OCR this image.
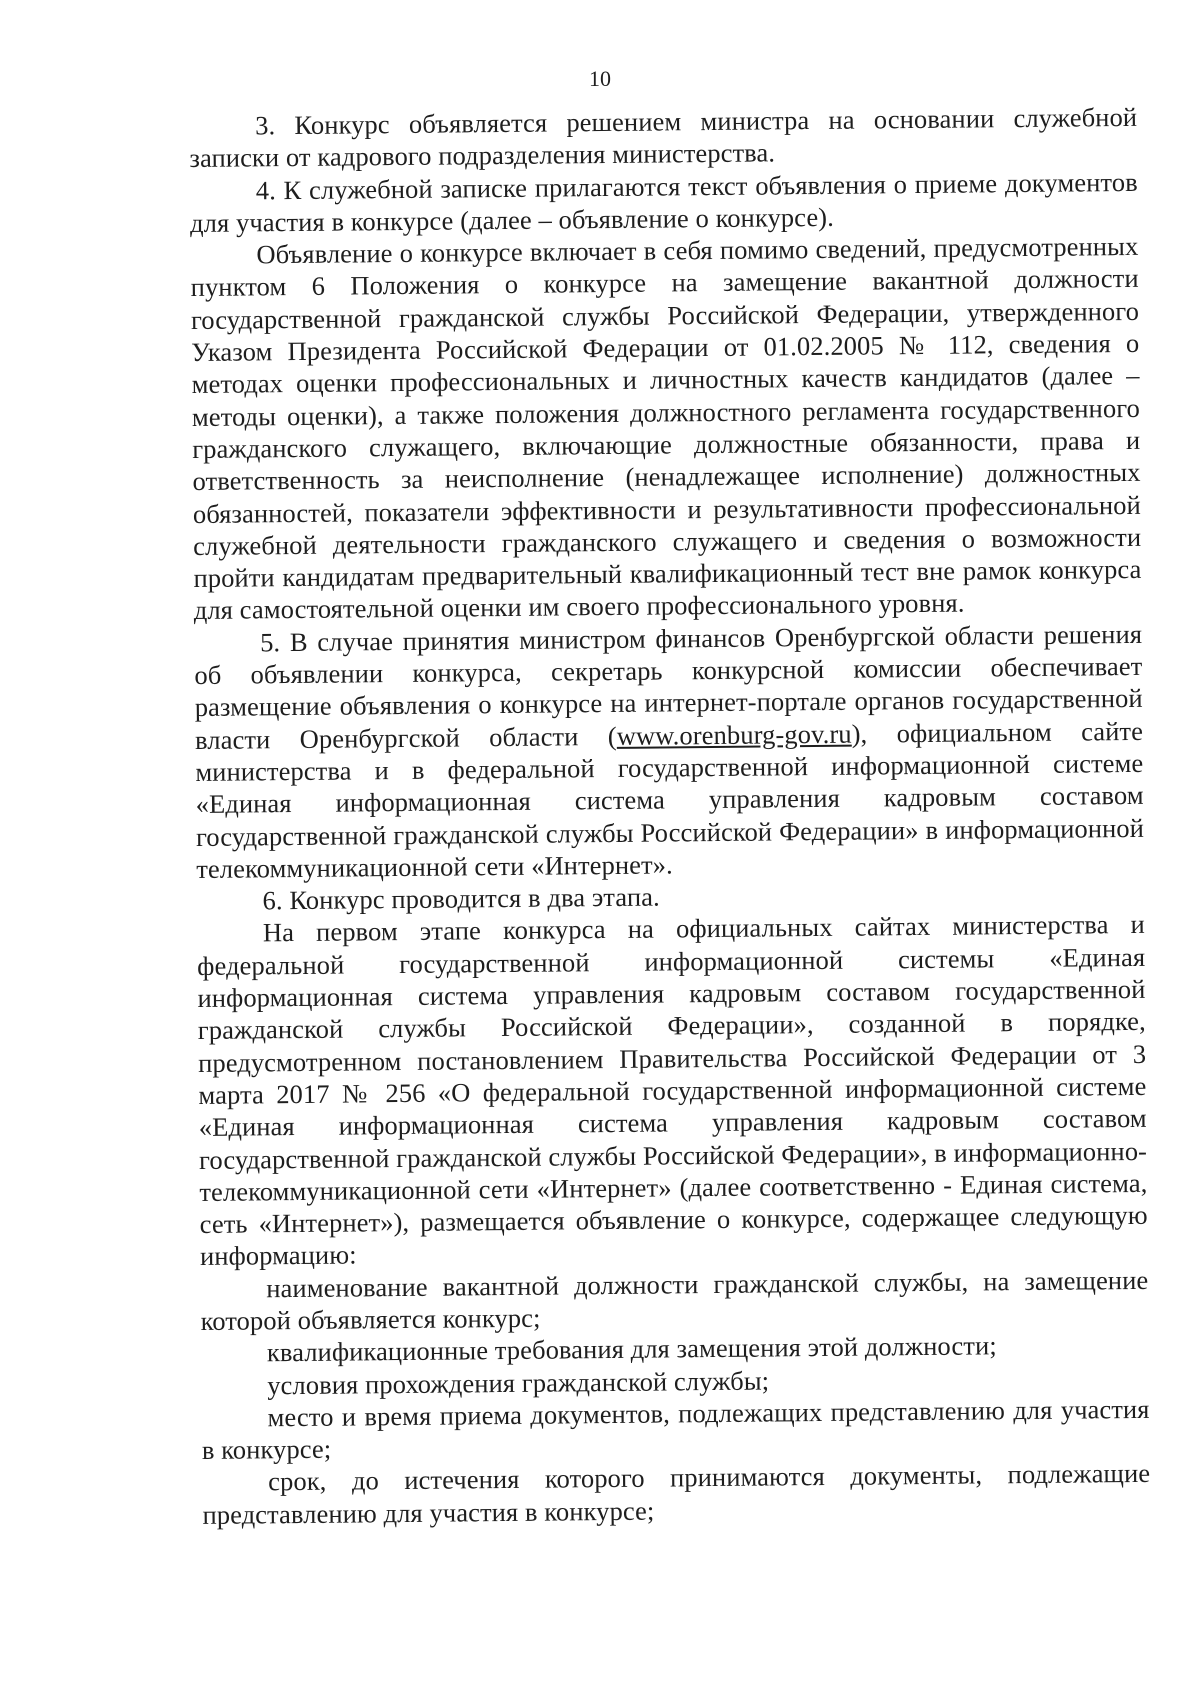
10

3. Конкурс объявляется решением министра на основании служебной записки от кадрового подразделения министерства.

4. К служебной записке прилагаются текст объявления о приеме документов для участия в конкурсе (далее – объявление о конкурсе).

Объявление о конкурсе включает в себя помимо сведений, предусмотренных пунктом 6 Положения о конкурсе на замещение вакантной должности государственной гражданской службы Российской Федерации, утвержденного Указом Президента Российской Федерации от 01.02.2005 № 112, сведения о методах оценки профессиональных и личностных качеств кандидатов (далее – методы оценки), а также положения должностного регламента государственного гражданского служащего, включающие должностные обязанности, права и ответственность за неисполнение (ненадлежащее исполнение) должностных обязанностей, показатели эффективности и результативности профессиональной служебной деятельности гражданского служащего и сведения о возможности пройти кандидатам предварительный квалификационный тест вне рамок конкурса для самостоятельной оценки им своего профессионального уровня.

5. В случае принятия министром финансов Оренбургской области решения об объявлении конкурса, секретарь конкурсной комиссии обеспечивает размещение объявления о конкурсе на интернет-портале органов государственной власти Оренбургской области (www.orenburg-gov.ru), официальном сайте министерства и в федеральной государственной информационной системе «Единая информационная система управления кадровым составом государственной гражданской службы Российской Федерации» в информационной телекоммуникационной сети «Интернет».

6. Конкурс проводится в два этапа.

На первом этапе конкурса на официальных сайтах министерства и федеральной государственной информационной системы «Единая информационная система управления кадровым составом государственной гражданской службы Российской Федерации», созданной в порядке, предусмотренном постановлением Правительства Российской Федерации от 3 марта 2017 № 256 «О федеральной государственной информационной системе «Единая информационная система управления кадровым составом государственной гражданской службы Российской Федерации», в информационно-телекоммуникационной сети «Интернет» (далее соответственно - Единая система, сеть «Интернет»), размещается объявление о конкурсе, содержащее следующую информацию:

наименование вакантной должности гражданской службы, на замещение которой объявляется конкурс;

квалификационные требования для замещения этой должности;

условия прохождения гражданской службы;

место и время приема документов, подлежащих представлению для участия в конкурсе;

срок, до истечения которого принимаются документы, подлежащие представлению для участия в конкурсе;
